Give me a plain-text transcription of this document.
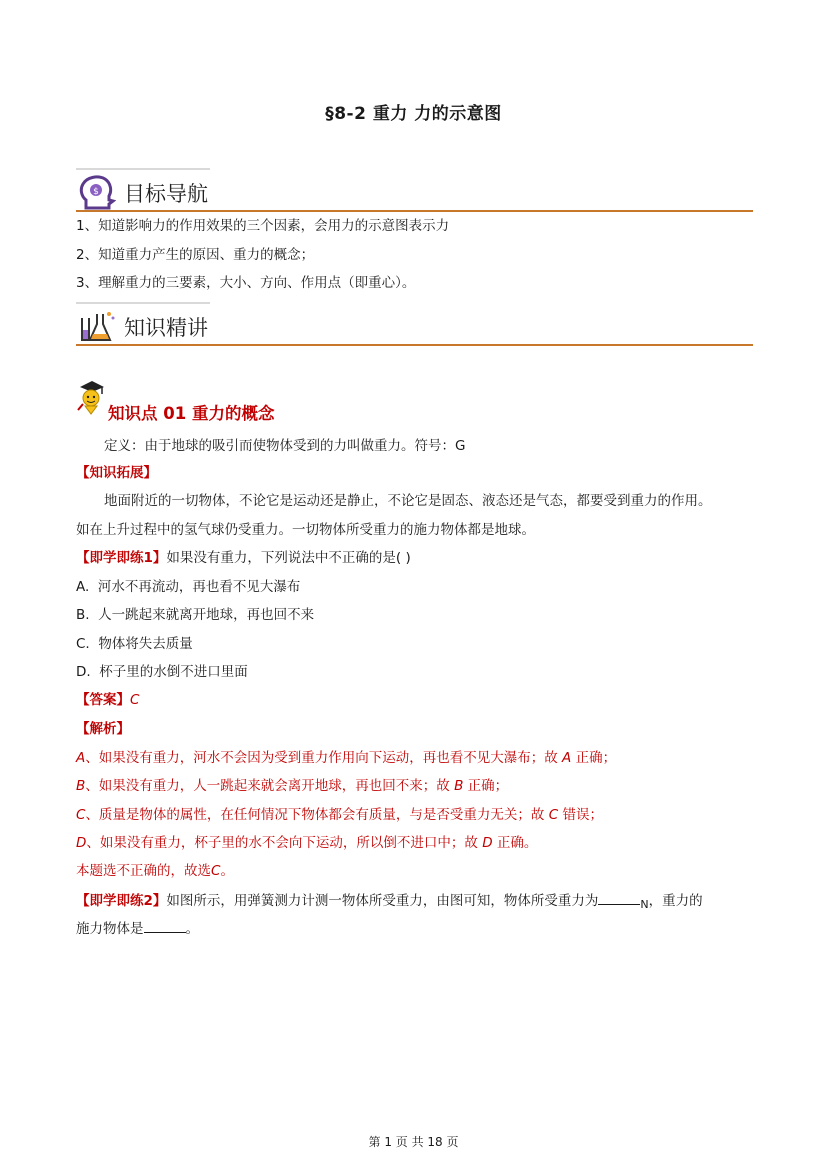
§8-2 重力 力的示意图
$ 目标导航
1、知道影响力的作用效果的三个因素，会用力的示意图表示力
2、知道重力产生的原因、重力的概念；
3、理解重力的三要素，大小、方向、作用点（即重心）。
知识精讲
知识点 01 重力的概念
定义：由于地球的吸引而使物体受到的力叫做重力。符号：G
【知识拓展】
地面附近的一切物体，不论它是运动还是静止，不论它是固态、液态还是气态，都要受到重力的作用。
如在上升过程中的氢气球仍受重力。一切物体所受重力的施力物体都是地球。
【即学即练1】如果没有重力，下列说法中不正确的是( )
A. 河水不再流动，再也看不见大瀑布
B. 人一跳起来就离开地球，再也回不来
C. 物体将失去质量
D. 杯子里的水倒不进口里面
【答案】C
【解析】
A、如果没有重力，河水不会因为受到重力作用向下运动，再也看不见大瀑布；故 A 正确；
B、如果没有重力，人一跳起来就会离开地球，再也回不来；故 B 正确；
C、质量是物体的属性，在任何情况下物体都会有质量，与是否受重力无关；故 C 错误；
D、如果没有重力，杯子里的水不会向下运动，所以倒不进口中；故 D 正确。
本题选不正确的，故选C。
【即学即练2】如图所示，用弹簧测力计测一物体所受重力，由图可知，物体所受重力为	$_N$，重力的
施力物体是	。
第 1 页 共 18 页
